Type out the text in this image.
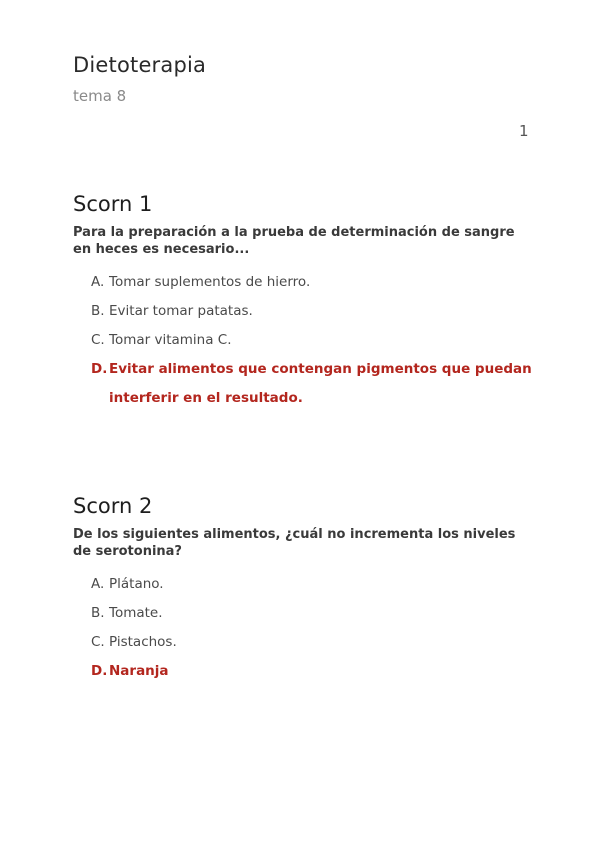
Dietoterapia
tema 8
1
Scorn 1
Para la preparación a la prueba de determinación de sangre en heces es necesario...
A. Tomar suplementos de hierro.
B. Evitar tomar patatas.
C. Tomar vitamina C.
D. Evitar alimentos que contengan pigmentos que puedan interferir en el resultado.
Scorn 2
De los siguientes alimentos, ¿cuál no incrementa los niveles de serotonina?
A. Plátano.
B. Tomate.
C. Pistachos.
D. Naranja
